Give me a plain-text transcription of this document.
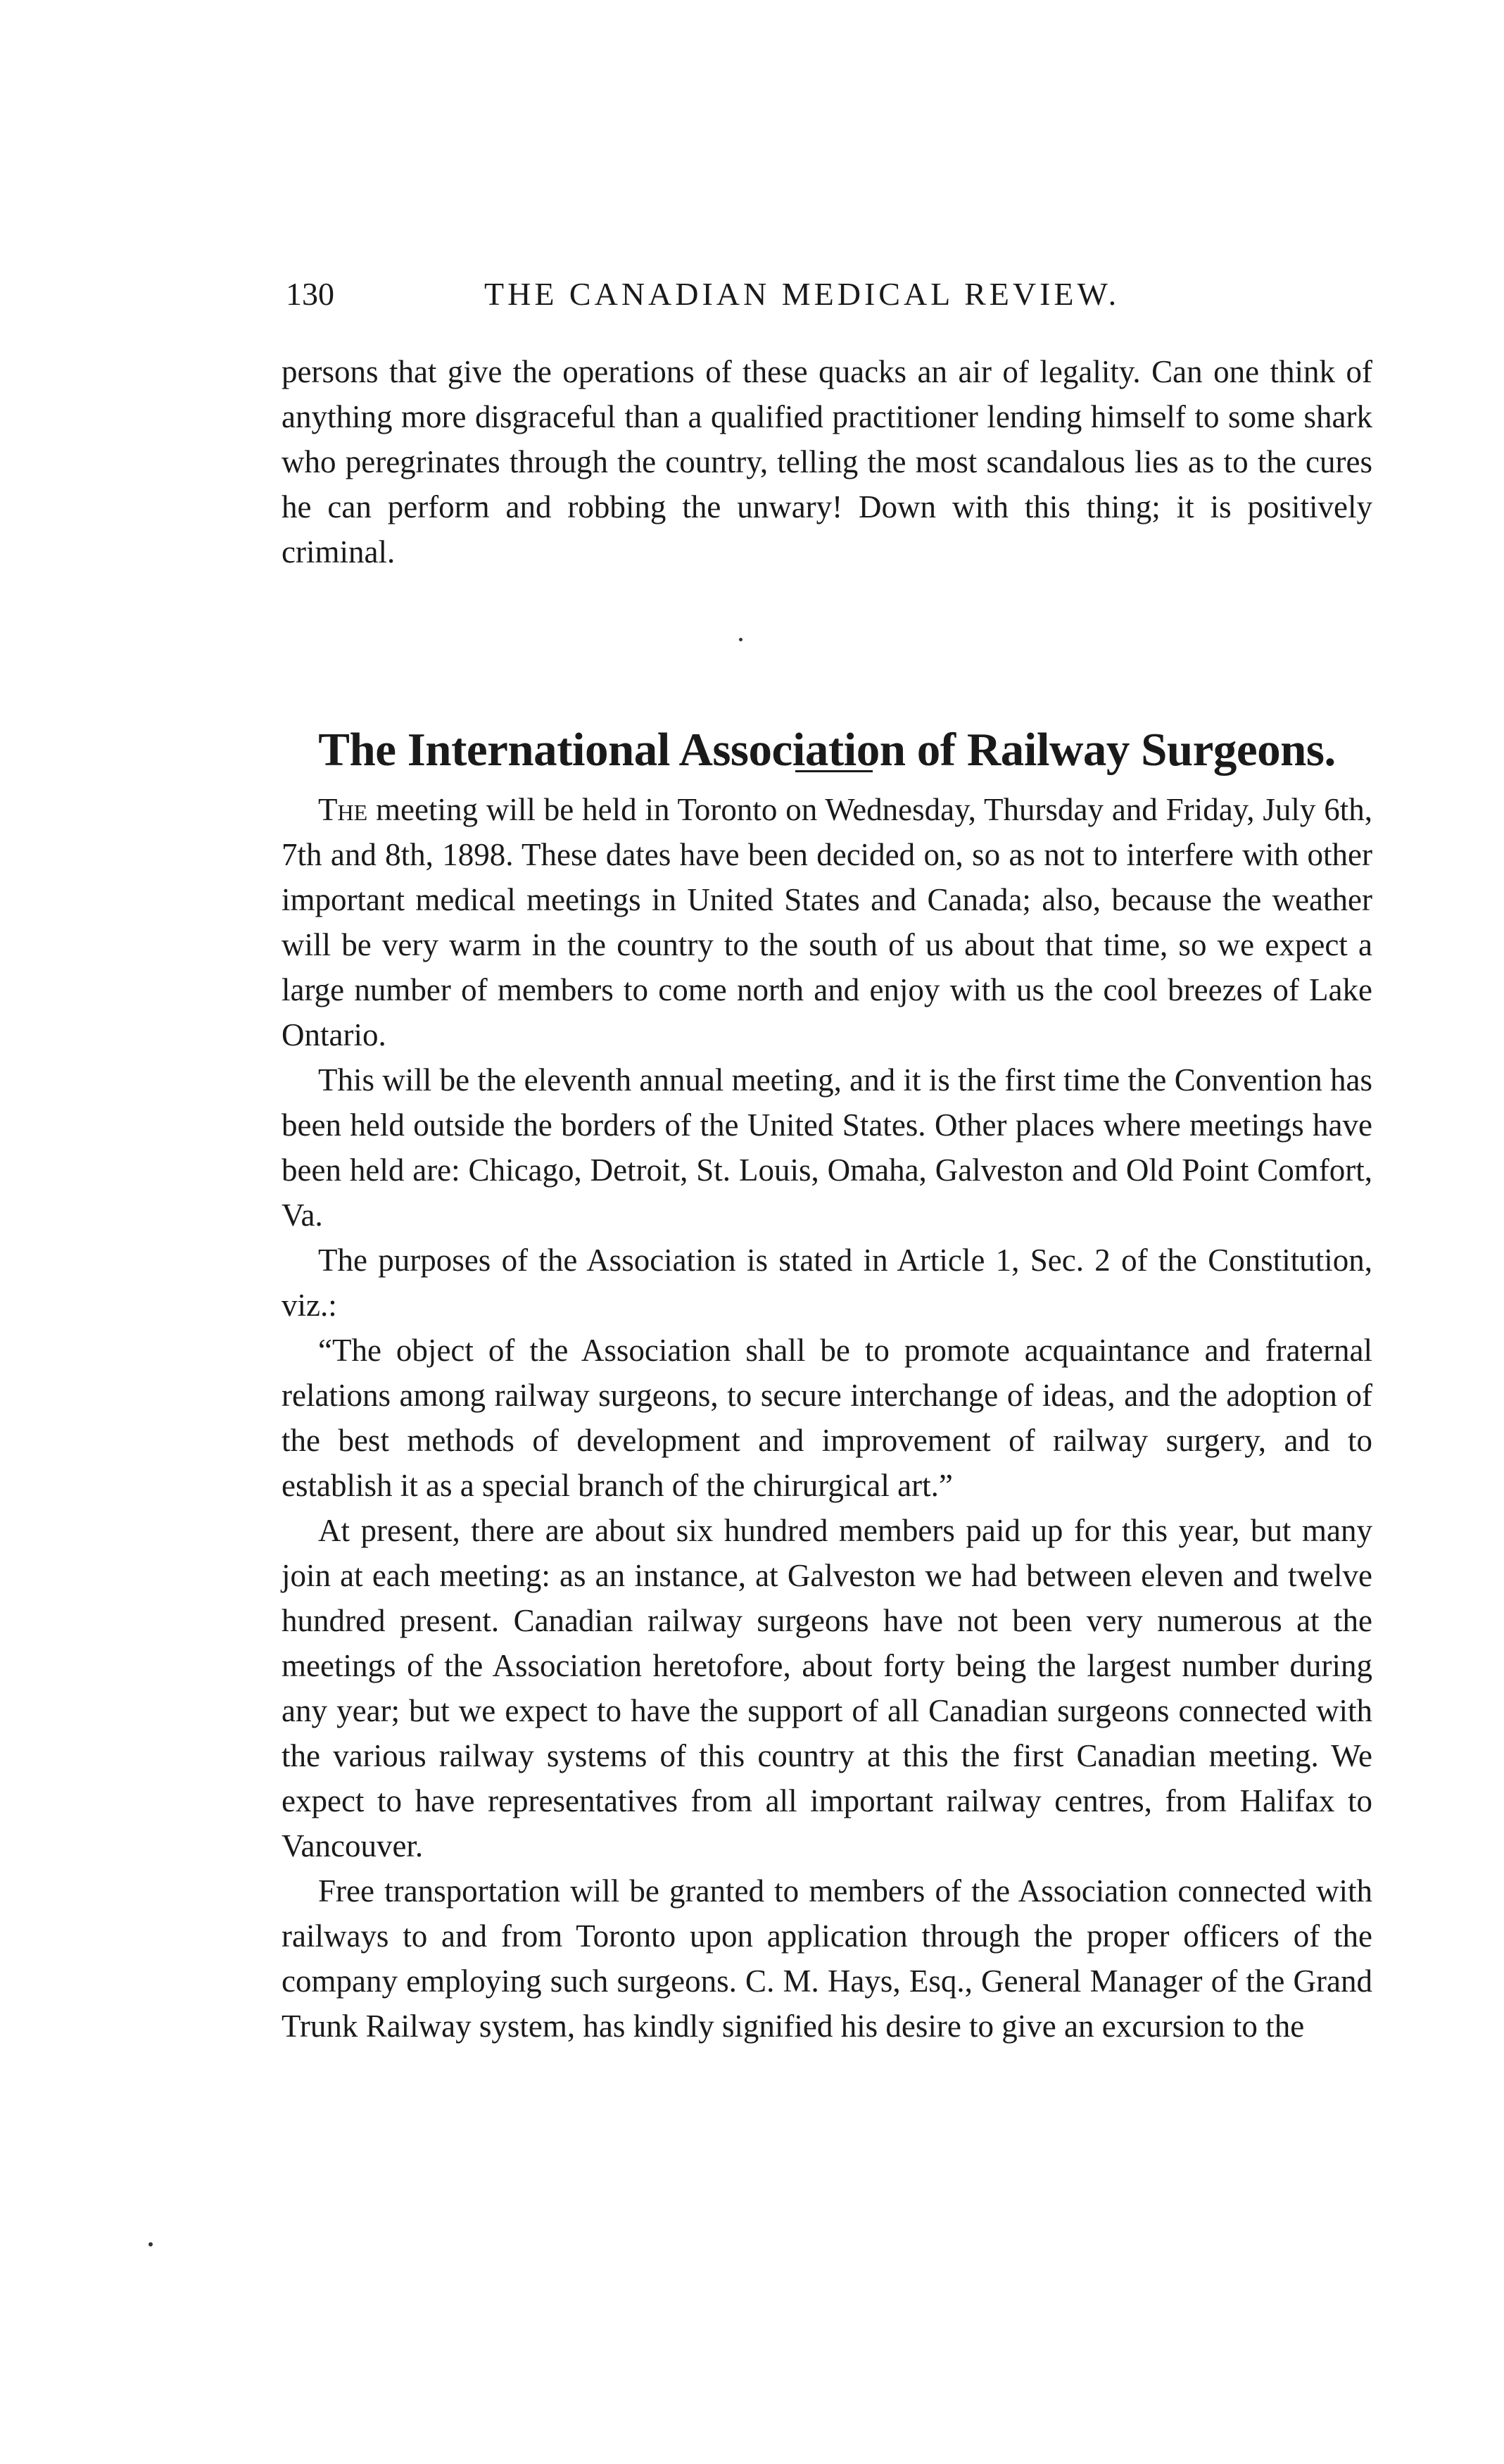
130	THE CANADIAN MEDICAL REVIEW.

persons that give the operations of these quacks an air of legality. Can one think of anything more disgraceful than a qualified practitioner lending himself to some shark who peregrinates through the country, telling the most scandalous lies as to the cures he can perform and robbing the unwary! Down with this thing; it is positively criminal.

The International Association of Railway Surgeons.

The meeting will be held in Toronto on Wednesday, Thursday and Friday, July 6th, 7th and 8th, 1898. These dates have been decided on, so as not to interfere with other important medical meetings in United States and Canada; also, because the weather will be very warm in the country to the south of us about that time, so we expect a large number of members to come north and enjoy with us the cool breezes of Lake Ontario.

This will be the eleventh annual meeting, and it is the first time the Convention has been held outside the borders of the United States. Other places where meetings have been held are: Chicago, Detroit, St. Louis, Omaha, Galveston and Old Point Comfort, Va.

The purposes of the Association is stated in Article 1, Sec. 2 of the Constitution, viz.:

“The object of the Association shall be to promote acquaintance and fraternal relations among railway surgeons, to secure interchange of ideas, and the adoption of the best methods of development and improvement of railway surgery, and to establish it as a special branch of the chirurgical art.”

At present, there are about six hundred members paid up for this year, but many join at each meeting: as an instance, at Galveston we had between eleven and twelve hundred present. Canadian railway surgeons have not been very numerous at the meetings of the Association heretofore, about forty being the largest number during any year; but we expect to have the support of all Canadian surgeons connected with the various railway systems of this country at this the first Canadian meeting. We expect to have representatives from all important railway centres, from Halifax to Vancouver.

Free transportation will be granted to members of the Association connected with railways to and from Toronto upon application through the proper officers of the company employing such surgeons. C. M. Hays, Esq., General Manager of the Grand Trunk Railway system, has kindly signified his desire to give an excursion to the
